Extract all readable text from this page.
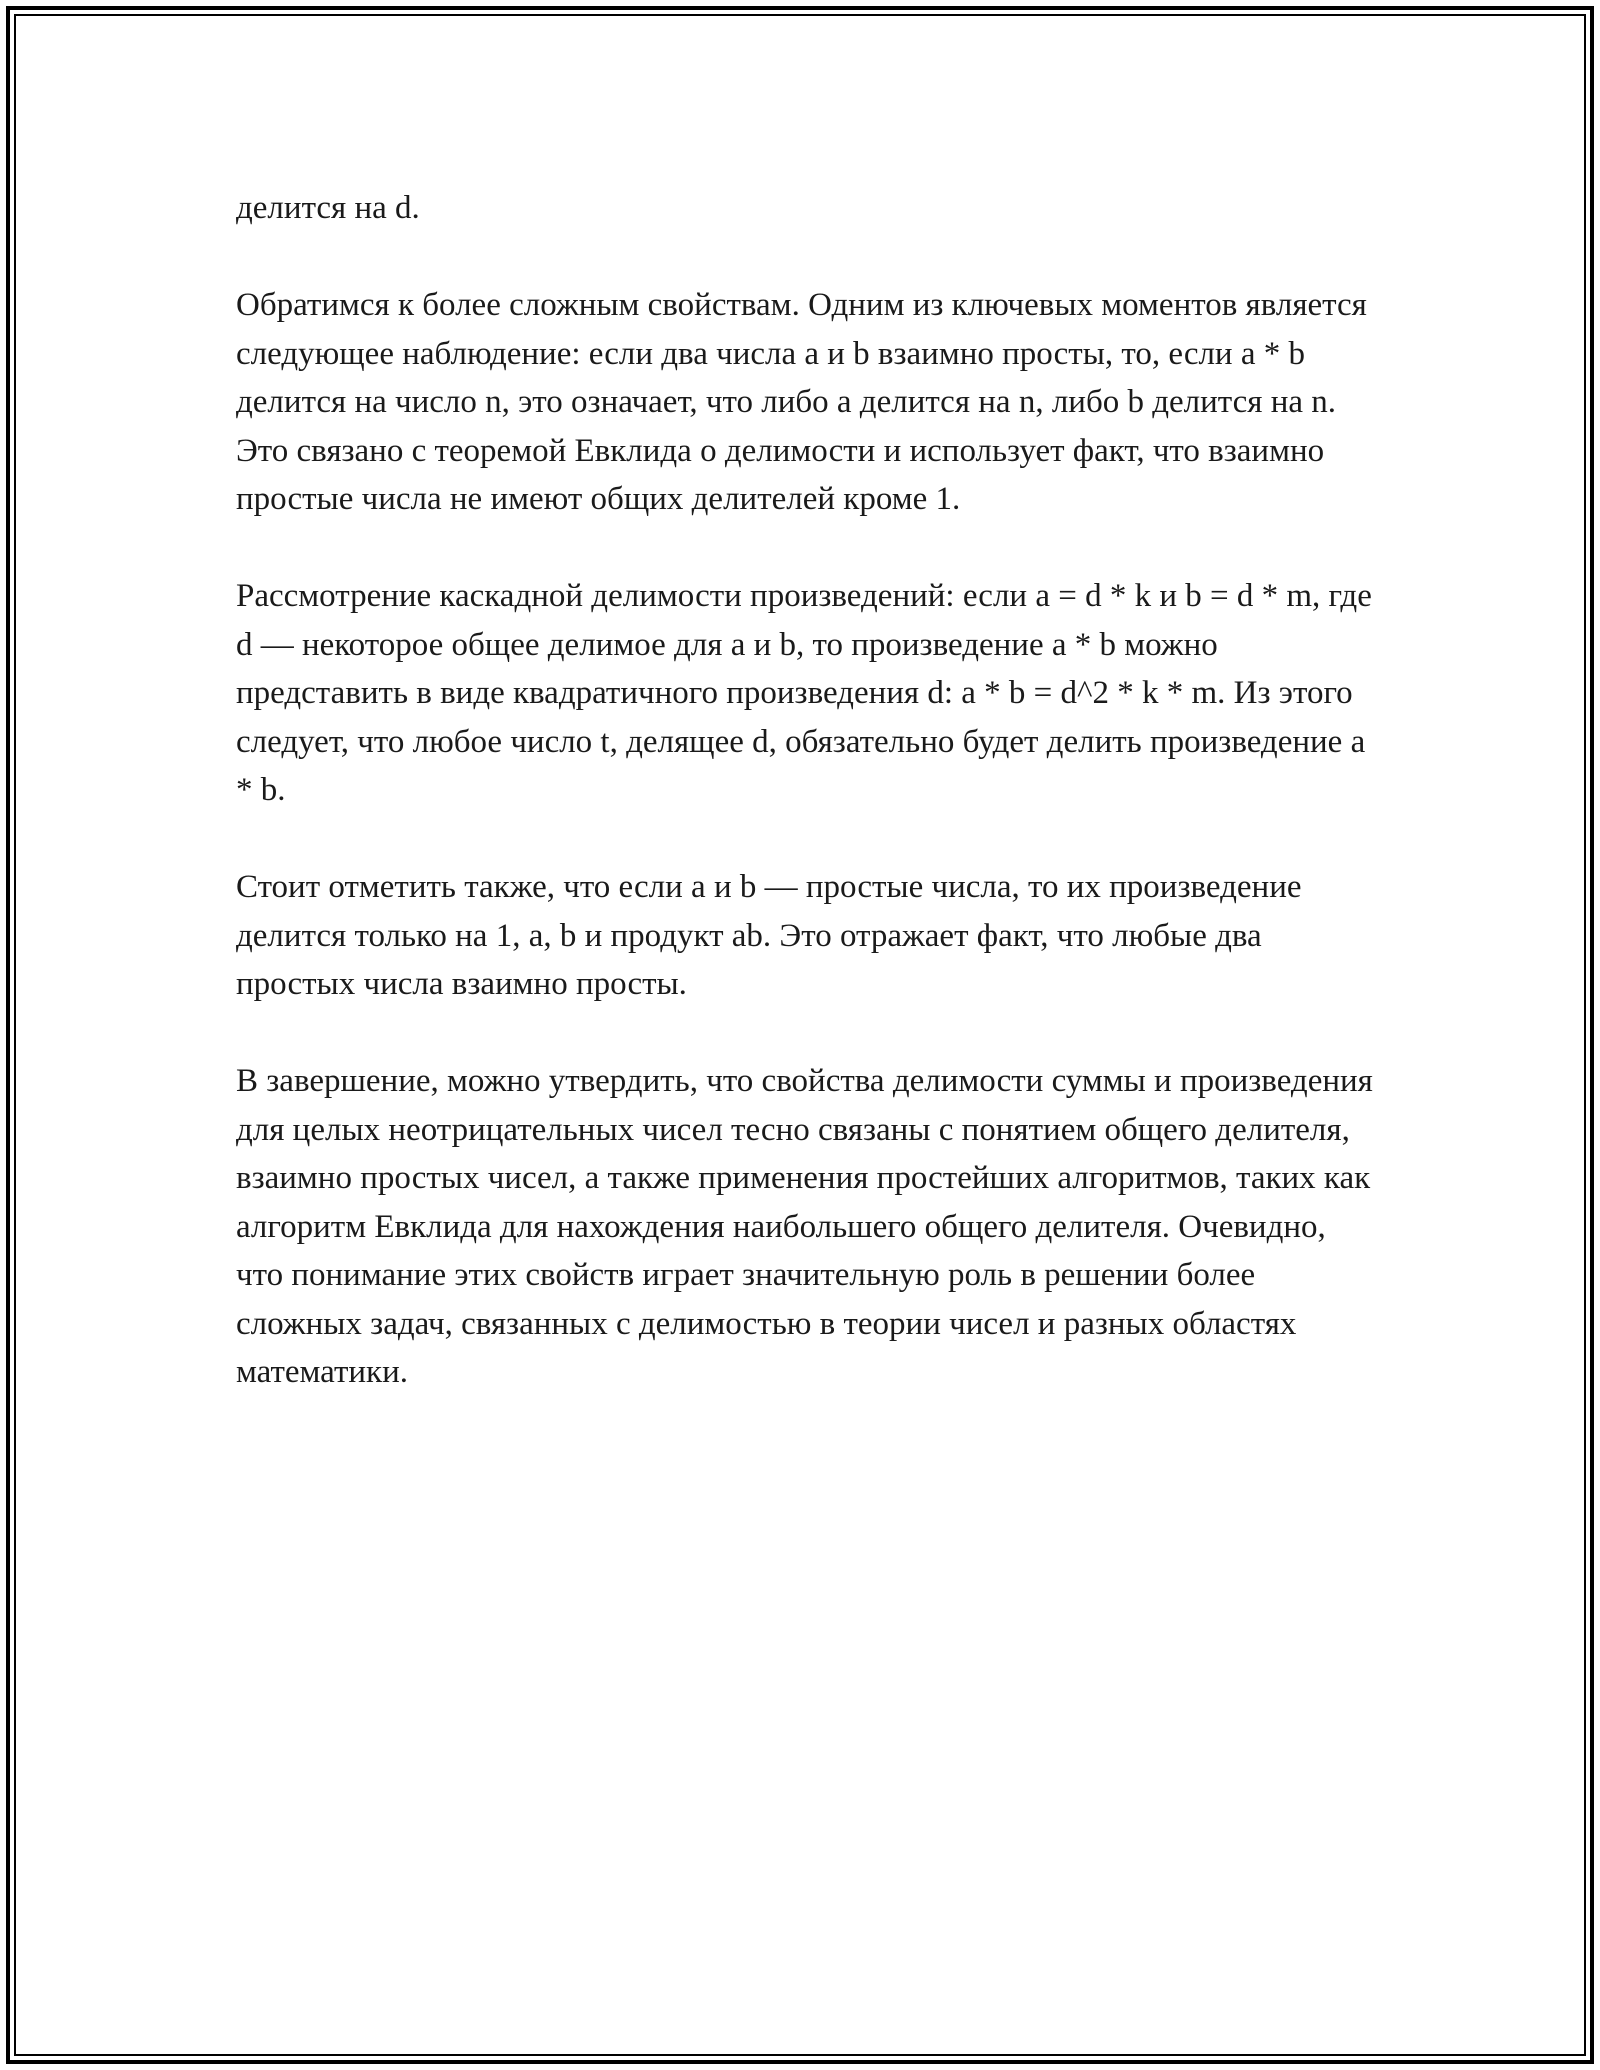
делится на d.

Обратимся к более сложным свойствам. Одним из ключевых моментов является следующее наблюдение: если два числа a и b взаимно просты, то, если a * b делится на число n, это означает, что либо a делится на n, либо b делится на n. Это связано с теоремой Евклида о делимости и использует факт, что взаимно простые числа не имеют общих делителей кроме 1.

Рассмотрение каскадной делимости произведений: если a = d * k и b = d * m, где d — некоторое общее делимое для a и b, то произведение a * b можно представить в виде квадратичного произведения d: a * b = d^2 * k * m. Из этого следует, что любое число t, делящее d, обязательно будет делить произведение a * b.

Стоит отметить также, что если a и b — простые числа, то их произведение делится только на 1, a, b и продукт ab. Это отражает факт, что любые два простых числа взаимно просты.

В завершение, можно утвердить, что свойства делимости суммы и произведения для целых неотрицательных чисел тесно связаны с понятием общего делителя, взаимно простых чисел, а также применения простейших алгоритмов, таких как алгоритм Евклида для нахождения наибольшего общего делителя. Очевидно, что понимание этих свойств играет значительную роль в решении более сложных задач, связанных с делимостью в теории чисел и разных областях математики.
